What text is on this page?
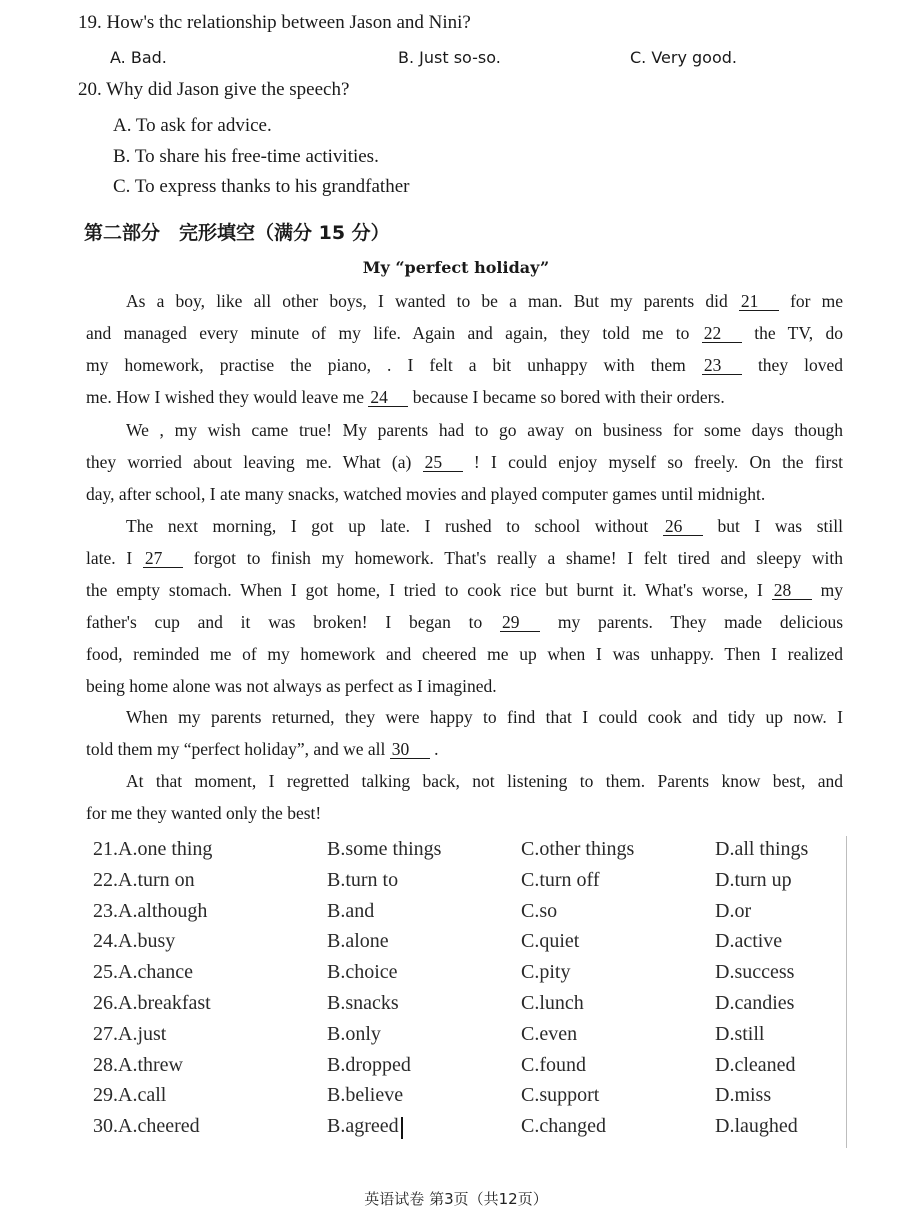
19. How's thc relationship between Jason and Nini?
A. Bad.	B. Just so-so.	C. Very good.
20. Why did Jason give the speech?
A. To ask for advice.
B. To share his free-time activities.
C. To express thanks to his grandfather
第二部分　完形填空（满分 15 分）
My “perfect holiday”
As a boy, like all other boys, I wanted to be a man. But my parents did 21 for me
and managed every minute of my life. Again and again, they told me to 22 the TV, do
my homework, practise the piano, . I felt a bit unhappy with them 23 they loved
me. How I wished they would leave me 24 because I became so bored with their orders.
We , my wish came true! My parents had to go away on business for some days though
they worried about leaving me. What (a) 25 ! I could enjoy myself so freely. On the first
day, after school, I ate many snacks, watched movies and played computer games until midnight.
The next morning, I got up late. I rushed to school without 26 but I was still
late. I 27 forgot to finish my homework. That's really a shame! I felt tired and sleepy with
the empty stomach. When I got home, I tried to cook rice but burnt it. What's worse, I 28 my
father's cup and it was broken! I began to 29 my parents. They made delicious
food, reminded me of my homework and cheered me up when I was unhappy. Then I realized
being home alone was not always as perfect as I imagined.
When my parents returned, they were happy to find that I could cook and tidy up now. I
told them my “perfect holiday”, and we all 30 .
At that moment, I regretted talking back, not listening to them. Parents know best, and
for me they wanted only the best!
21.A.one thing	B.some things	C.other things	D.all things
22.A.turn on	B.turn to	C.turn off	D.turn up
23.A.although	B.and	C.so	D.or
24.A.busy	B.alone	C.quiet	D.active
25.A.chance	B.choice	C.pity	D.success
26.A.breakfast	B.snacks	C.lunch	D.candies
27.A.just	B.only	C.even	D.still
28.A.threw	B.dropped	C.found	D.cleaned
29.A.call	B.believe	C.support	D.miss
30.A.cheered	B.agreed	C.changed	D.laughed
英语试卷 第3页（共12页）
